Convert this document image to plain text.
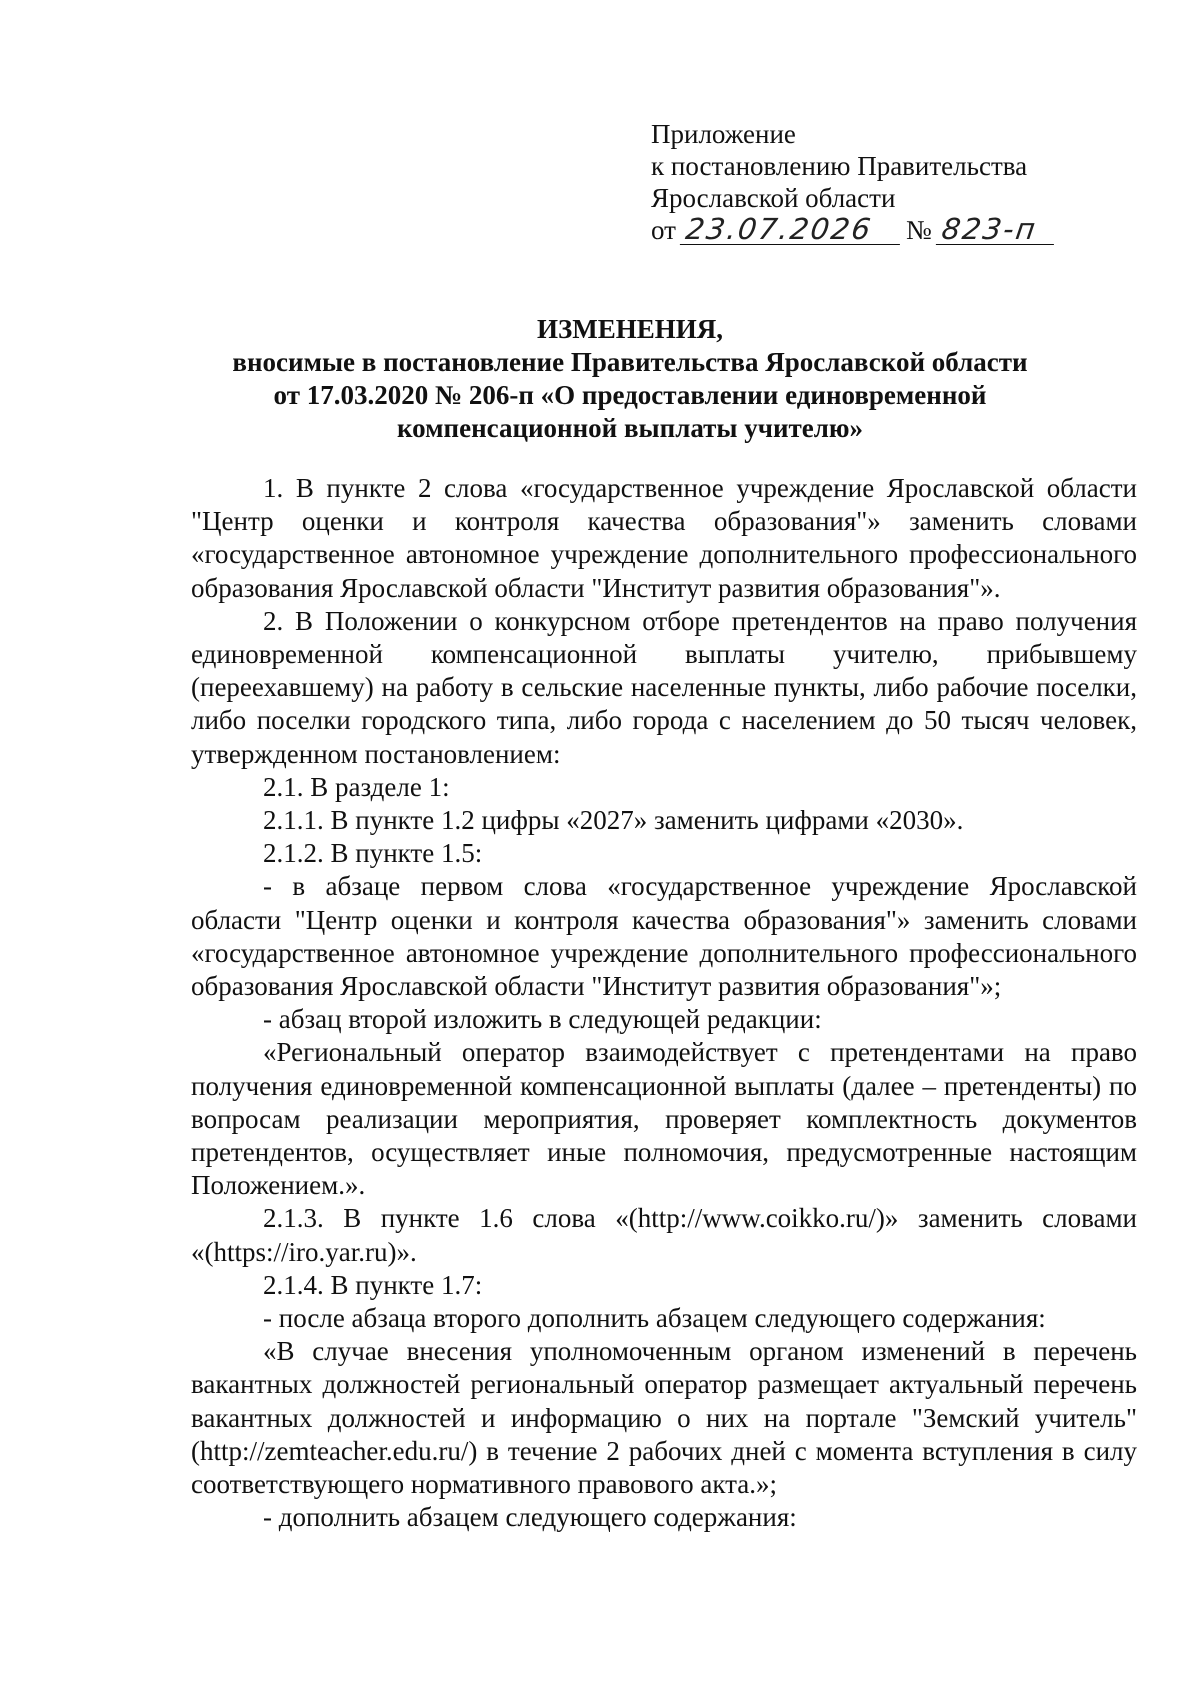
Приложение
к постановлению Правительства
Ярославской области
от 23.07.2026	№ 823-п
ИЗМЕНЕНИЯ,
вносимые в постановление Правительства Ярославской области
от 17.03.2020 № 206-п «О предоставлении единовременной
компенсационной выплаты учителю»

1. В пункте 2 слова «государственное учреждение Ярославской области "Центр оценки и контроля качества образования"» заменить словами «государственное автономное учреждение дополнительного профессионального образования Ярославской области "Институт развития образования"».

2. В Положении о конкурсном отборе претендентов на право получения единовременной компенсационной выплаты учителю, прибывшему (переехавшему) на работу в сельские населенные пункты, либо рабочие поселки, либо поселки городского типа, либо города с населением до 50 тысяч человек, утвержденном постановлением:

2.1. В разделе 1:

2.1.1. В пункте 1.2 цифры «2027» заменить цифрами «2030».

2.1.2. В пункте 1.5:

- в абзаце первом слова «государственное учреждение Ярославской области "Центр оценки и контроля качества образования"» заменить словами «государственное автономное учреждение дополнительного профессионального образования Ярославской области "Институт развития образования"»;

- абзац второй изложить в следующей редакции:

«Региональный оператор взаимодействует с претендентами на право получения единовременной компенсационной выплаты (далее – претенденты) по вопросам реализации мероприятия, проверяет комплектность документов претендентов, осуществляет иные полномочия, предусмотренные настоящим Положением.».

2.1.3. В пункте 1.6 слова «(http://www.coikko.ru/)» заменить словами «(https://iro.yar.ru)».

2.1.4. В пункте 1.7:

- после абзаца второго дополнить абзацем следующего содержания:

«В случае внесения уполномоченным органом изменений в перечень вакантных должностей региональный оператор размещает актуальный перечень вакантных должностей и информацию о них на портале "Земский учитель" (http://zemteacher.edu.ru/) в течение 2 рабочих дней с момента вступления в силу соответствующего нормативного правового акта.»;

- дополнить абзацем следующего содержания:
